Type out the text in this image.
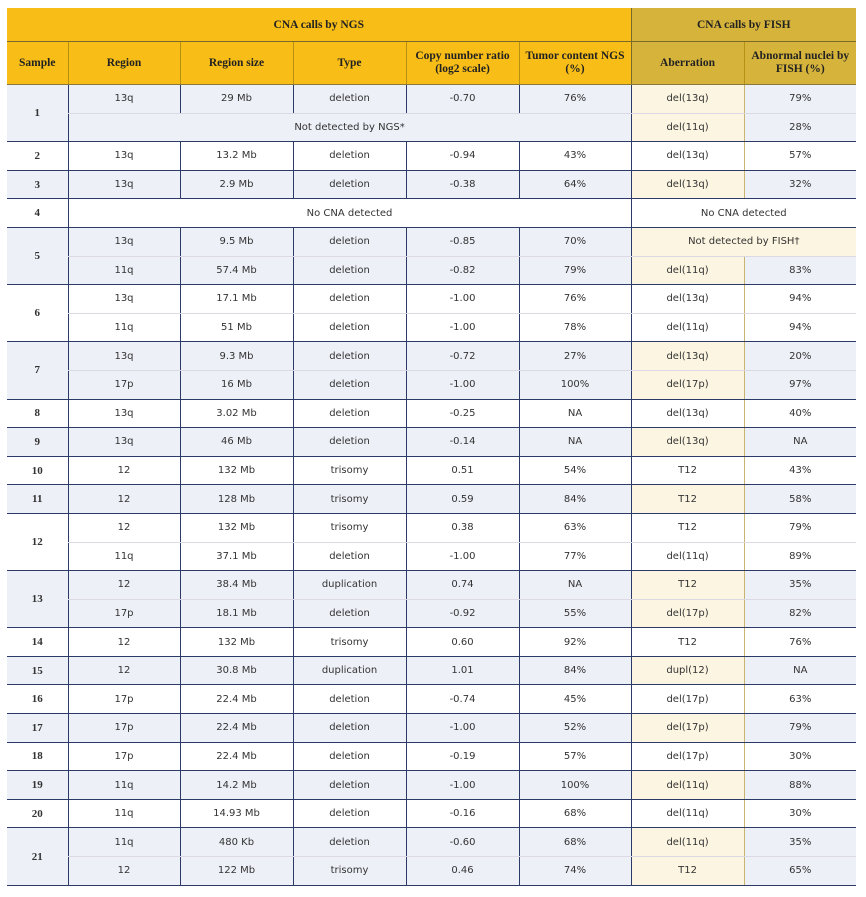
CNA calls by NGS						CNA calls by FISH	
Sample	Region	Region size	Type	Copy number ratio (log2 scale)	Tumor content NGS (%)	Aberration	Abnormal nuclei by FISH (%)
1	13q	29 Mb	deletion	-0.70	76%	del(13q)	79%
	Not detected by NGS*					del(11q)	28%
2	13q	13.2 Mb	deletion	-0.94	43%	del(13q)	57%
3	13q	2.9 Mb	deletion	-0.38	64%	del(13q)	32%
4	No CNA detected					No CNA detected	
5	13q	9.5 Mb	deletion	-0.85	70%	Not detected by FISH†	
	11q	57.4 Mb	deletion	-0.82	79%	del(11q)	83%
6	13q	17.1 Mb	deletion	-1.00	76%	del(13q)	94%
	11q	51 Mb	deletion	-1.00	78%	del(11q)	94%
7	13q	9.3 Mb	deletion	-0.72	27%	del(13q)	20%
	17p	16 Mb	deletion	-1.00	100%	del(17p)	97%
8	13q	3.02 Mb	deletion	-0.25	NA	del(13q)	40%
9	13q	46 Mb	deletion	-0.14	NA	del(13q)	NA
10	12	132 Mb	trisomy	0.51	54%	T12	43%
11	12	128 Mb	trisomy	0.59	84%	T12	58%
12	12	132 Mb	trisomy	0.38	63%	T12	79%
	11q	37.1 Mb	deletion	-1.00	77%	del(11q)	89%
13	12	38.4 Mb	duplication	0.74	NA	T12	35%
	17p	18.1 Mb	deletion	-0.92	55%	del(17p)	82%
14	12	132 Mb	trisomy	0.60	92%	T12	76%
15	12	30.8 Mb	duplication	1.01	84%	dupl(12)	NA
16	17p	22.4 Mb	deletion	-0.74	45%	del(17p)	63%
17	17p	22.4 Mb	deletion	-1.00	52%	del(17p)	79%
18	17p	22.4 Mb	deletion	-0.19	57%	del(17p)	30%
19	11q	14.2 Mb	deletion	-1.00	100%	del(11q)	88%
20	11q	14.93 Mb	deletion	-0.16	68%	del(11q)	30%
21	11q	480 Kb	deletion	-0.60	68%	del(11q)	35%
	12	122 Mb	trisomy	0.46	74%	T12	65%
